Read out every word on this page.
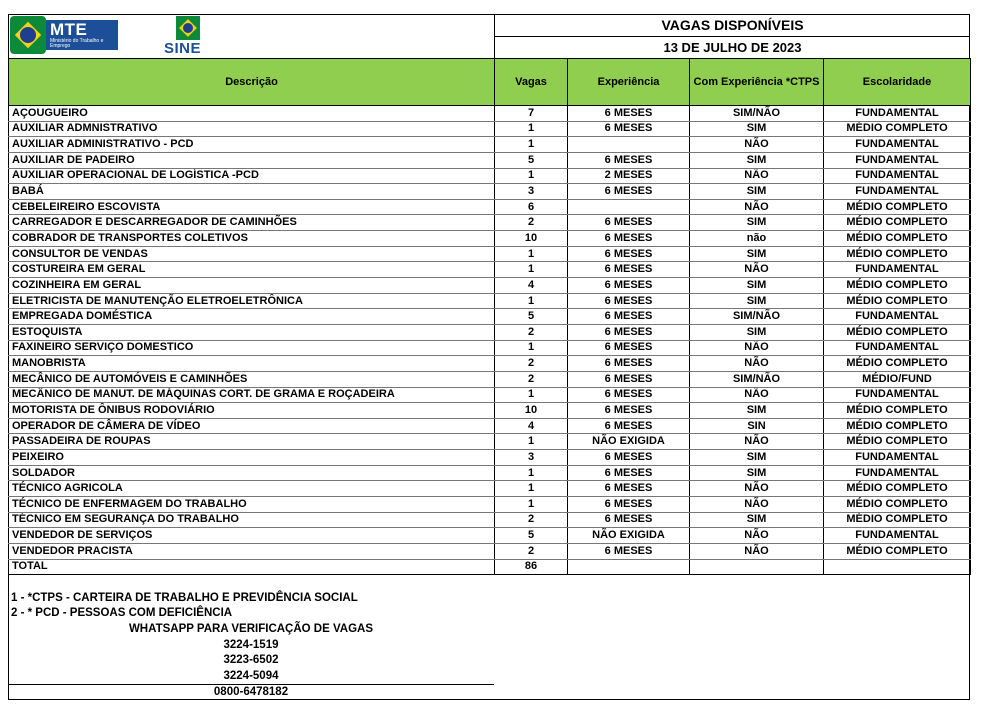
MTE
Ministério do Trabalho e Emprego	SINE
VAGAS DISPONÍVEIS
13 DE JULHO DE 2023
Descrição	Vagas	Experiência	Com Experiência *CTPS	Escolaridade
AÇOUGUEIRO	7	6 MESES	SIM/NÃO	FUNDAMENTAL
AUXILIAR ADMNISTRATIVO	1	6 MESES	SIM	MÉDIO COMPLETO
AUXILIAR ADMINISTRATIVO - PCD	1		NÃO	FUNDAMENTAL
AUXILIAR DE PADEIRO	5	6 MESES	SIM	FUNDAMENTAL
AUXILIAR OPERACIONAL DE LOGÍSTICA -PCD	1	2 MESES	NÃO	FUNDAMENTAL
BABÁ	3	6 MESES	SIM	FUNDAMENTAL
CEBELEIREIRO ESCOVISTA	6		NÃO	MÉDIO COMPLETO
CARREGADOR E DESCARREGADOR DE CAMINHÕES	2	6 MESES	SIM	MÉDIO COMPLETO
COBRADOR DE TRANSPORTES COLETIVOS	10	6 MESES	não	MÉDIO COMPLETO
CONSULTOR DE VENDAS	1	6 MESES	SIM	MÉDIO COMPLETO
COSTUREIRA EM GERAL	1	6 MESES	NÃO	FUNDAMENTAL
COZINHEIRA EM GERAL	4	6 MESES	SIM	MÉDIO COMPLETO
ELETRICISTA DE MANUTENÇÃO ELETROELETRÔNICA	1	6 MESES	SIM	MÉDIO COMPLETO
EMPREGADA DOMÉSTICA	5	6 MESES	SIM/NÃO	FUNDAMENTAL
ESTOQUISTA	2	6 MESES	SIM	MÉDIO COMPLETO
FAXINEIRO SERVIÇO DOMESTICO	1	6 MESES	NÃO	FUNDAMENTAL
MANOBRISTA	2	6 MESES	NÃO	MÉDIO COMPLETO
MECÂNICO DE AUTOMÓVEIS E CAMINHÕES	2	6 MESES	SIM/NÃO	MÉDIO/FUND
MECÂNICO DE MANUT. DE MÁQUINAS CORT. DE GRAMA E ROÇADEIRA	1	6 MESES	NÃO	FUNDAMENTAL
MOTORISTA DE ÔNIBUS RODOVIÁRIO	10	6 MESES	SIM	MÉDIO COMPLETO
OPERADOR DE CÂMERA DE VÍDEO	4	6 MESES	SIN	MÉDIO COMPLETO
PASSADEIRA DE ROUPAS	1	NÃO EXIGIDA	NÃO	MÉDIO COMPLETO
PEIXEIRO	3	6 MESES	SIM	FUNDAMENTAL
SOLDADOR	1	6 MESES	SIM	FUNDAMENTAL
TÉCNICO AGRICOLA	1	6 MESES	NÃO	MÉDIO COMPLETO
TÉCNICO DE ENFERMAGEM DO TRABALHO	1	6 MESES	NÃO	MÉDIO COMPLETO
TÉCNICO EM SEGURANÇA DO TRABALHO	2	6 MESES	SIM	MÉDIO COMPLETO
VENDEDOR DE SERVIÇOS	5	NÃO EXIGIDA	NÃO	FUNDAMENTAL
VENDEDOR PRACISTA	2	6 MESES	NÃO	MÉDIO COMPLETO
TOTAL	86			
1 - *CTPS - CARTEIRA DE TRABALHO E PREVIDÊNCIA SOCIAL
2 - * PCD - PESSOAS COM DEFICIÊNCIA
WHATSAPP PARA VERIFICAÇÃO DE VAGAS
3224-1519
3223-6502
3224-5094
0800-6478182
